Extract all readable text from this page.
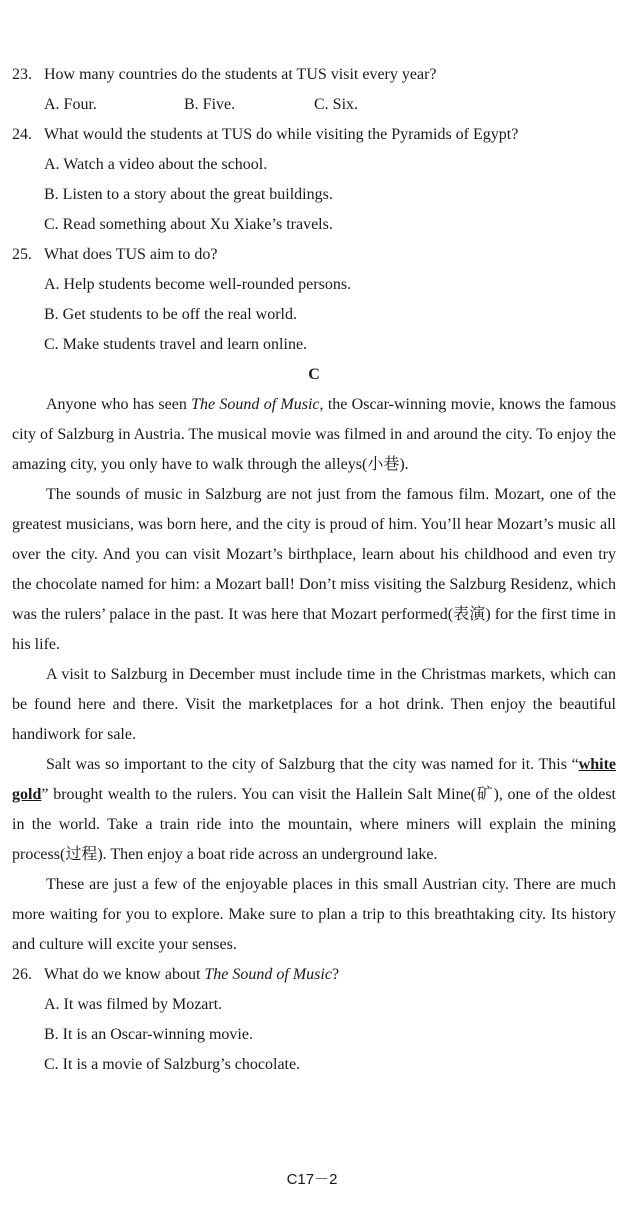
23. How many countries do the students at TUS visit every year?
A. Four.	B. Five.	C. Six.
24. What would the students at TUS do while visiting the Pyramids of Egypt?
A. Watch a video about the school.
B. Listen to a story about the great buildings.
C. Read something about Xu Xiake’s travels.
25. What does TUS aim to do?
A. Help students become well-rounded persons.
B. Get students to be off the real world.
C. Make students travel and learn online.
C

Anyone who has seen The Sound of Music, the Oscar-winning movie, knows the famous city of Salzburg in Austria. The musical movie was filmed in and around the city. To enjoy the amazing city, you only have to walk through the alleys(小巷).

The sounds of music in Salzburg are not just from the famous film. Mozart, one of the greatest musicians, was born here, and the city is proud of him. You’ll hear Mozart’s music all over the city. And you can visit Mozart’s birthplace, learn about his childhood and even try the chocolate named for him: a Mozart ball! Don’t miss visiting the Salzburg Residenz, which was the rulers’ palace in the past. It was here that Mozart performed(表演) for the first time in his life.

A visit to Salzburg in December must include time in the Christmas markets, which can be found here and there. Visit the marketplaces for a hot drink. Then enjoy the beautiful handiwork for sale.

Salt was so important to the city of Salzburg that the city was named for it. This “white gold” brought wealth to the rulers. You can visit the Hallein Salt Mine(矿), one of the oldest in the world. Take a train ride into the mountain, where miners will explain the mining process(过程). Then enjoy a boat ride across an underground lake.

These are just a few of the enjoyable places in this small Austrian city. There are much more waiting for you to explore. Make sure to plan a trip to this breathtaking city. Its history and culture will excite your senses.

26. What do we know about The Sound of Music?
A. It was filmed by Mozart.
B. It is an Oscar-winning movie.
C. It is a movie of Salzburg’s chocolate.
C17－2
